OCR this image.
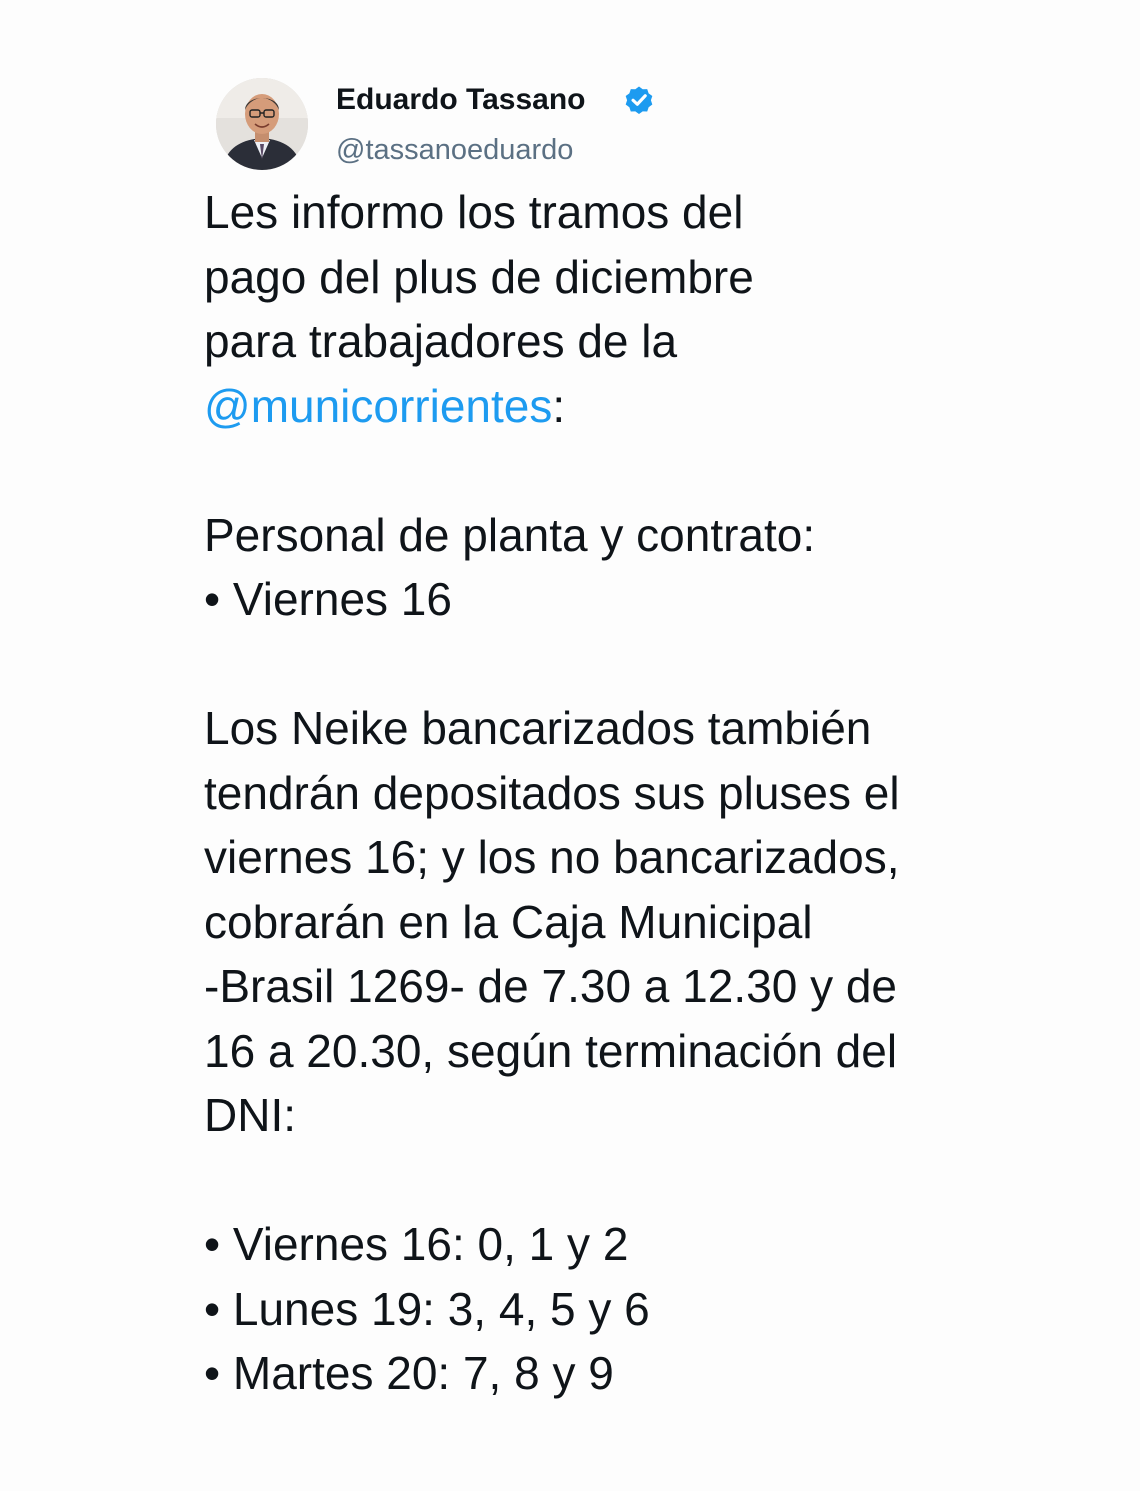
Eduardo Tassano
@tassanoeduardo
Les informo los tramos del
pago del plus de diciembre
para trabajadores de la
@municorrientes:
Personal de planta y contrato:
• Viernes 16
Los Neike bancarizados también
tendrán depositados sus pluses el
viernes 16; y los no bancarizados,
cobrarán en la Caja Municipal
-Brasil 1269- de 7.30 a 12.30 y de
16 a 20.30, según terminación del
DNI:
• Viernes 16: 0, 1 y 2
• Lunes 19: 3, 4, 5 y 6
• Martes 20: 7, 8 y 9
